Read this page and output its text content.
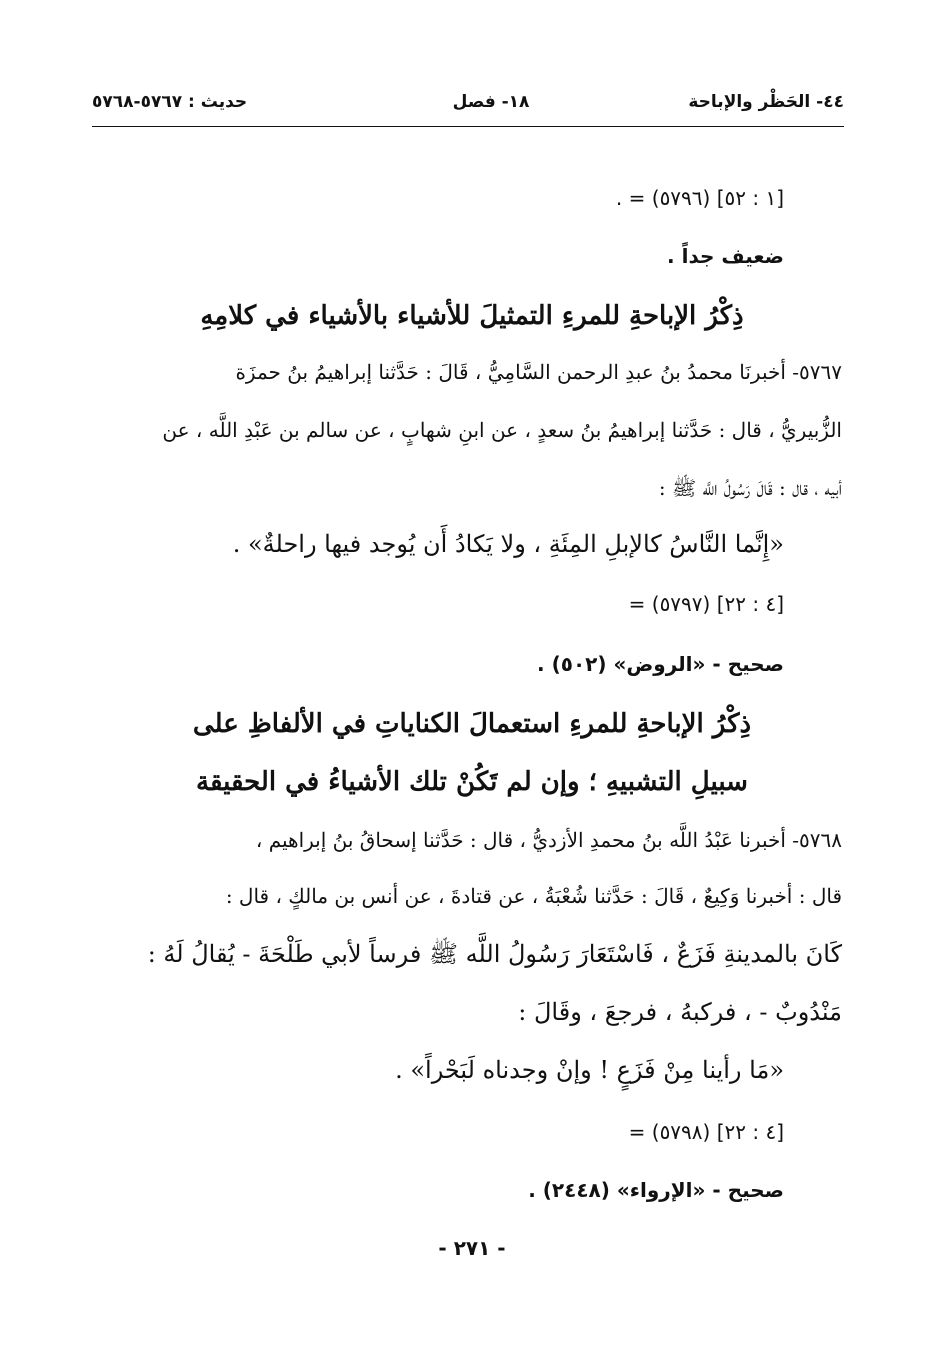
٤٤- الحَظْر والإباحة
١٨- فصل
حديث : ٥٧٦٧-٥٧٦٨
. = (٥٧٩٦) [١ : ٥٢]
ضعيف جداً .
ذِكْرُ الإباحةِ للمرءِ التمثيلَ للأشياء بالأشياء في كلامِهِ
٥٧٦٧- أخبرنَا محمدُ بنُ عبدِ الرحمن السَّامِيُّ ، قَالَ : حَدَّثنا إبراهيمُ بنُ حمزَة
الزُّبيريُّ ، قال : حَدَّثنا إبراهيمُ بنُ سعدٍ ، عن ابنِ شهابٍ ، عن سالم بن عَبْدِ اللَّه ، عن
أبيه ، قال : قَالَ رَسُولُ اللَّه ﷺ :
«إِنَّما النَّاسُ كالإبلِ المِئَةِ ، ولا يَكادُ أَن يُوجد فيها راحلةٌ» .
= (٥٧٩٧) [٤ : ٢٢]
صحيح - «الروض» (٥٠٢) .
ذِكْرُ الإباحةِ للمرءِ استعمالَ الكناياتِ في الألفاظِ على
سبيلِ التشبيهِ ؛ وإن لم تَكُنْ تلك الأشياءُ في الحقيقة
٥٧٦٨- أخبرنا عَبْدُ اللَّه بنُ محمدِ الأزديُّ ، قال : حَدَّثنا إسحاقُ بنُ إبراهيم ،
قال : أخبرنا وَكِيعٌ ، قَالَ : حَدَّثنا شُعْبَةُ ، عن قتادةَ ، عن أنس بن مالكٍ ، قال :
كَانَ بالمدينةِ فَزَعٌ ، فَاسْتَعَارَ رَسُولُ اللَّه ﷺ فرساً لأبي طَلْحَةَ - يُقالُ لَهُ :
مَنْدُوبٌ - ، فركبهُ ، فرجعَ ، وقَالَ :
«مَا رأينا مِنْ فَزَعٍ ! وإنْ وجدناه لَبَحْراً» .
= (٥٧٩٨) [٤ : ٢٢]
صحيح - «الإرواء» (٢٤٤٨) .
- ٢٧١ -
